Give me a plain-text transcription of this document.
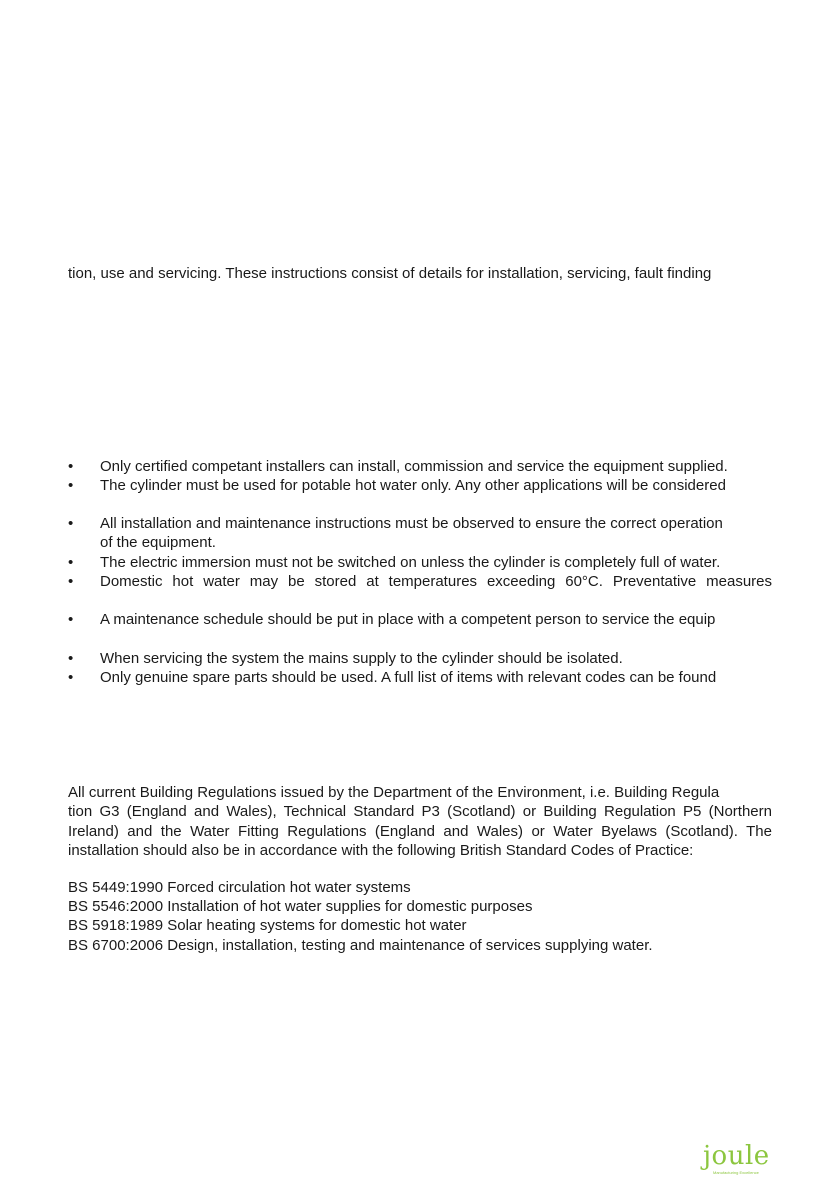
tion, use and servicing. These instructions consist of details for installation, servicing, fault finding
•	Only certified competant installers can install, commission and service the equipment supplied.
•	The cylinder must be used for potable hot water only. Any other applications will be considered
•	All installation and maintenance instructions must be observed to ensure the correct operation
of the equipment.
•	The electric immersion must not be switched on unless the cylinder is completely full of water.
•	Domestic hot water may be stored at temperatures exceeding 60°C. Preventative measures
•	A maintenance schedule should be put in place with a competent person to service the equip
•	When servicing the system the mains supply to the cylinder should be isolated.
•	Only genuine spare parts should be used. A full list of items with relevant codes can be found
All current Building Regulations issued by the Department of the Environment, i.e. Building Regula
tion G3 (England and Wales), Technical Standard P3 (Scotland) or Building Regulation P5 (Northern
Ireland) and the Water Fitting Regulations (England and Wales) or Water Byelaws (Scotland). The
installation should also be in accordance with the following British Standard Codes of Practice:
BS 5449:1990 Forced circulation hot water systems
BS 5546:2000 Installation of hot water supplies for domestic purposes
BS 5918:1989 Solar heating systems for domestic hot water
BS 6700:2006 Design, installation, testing and maintenance of services supplying water.
joule
Manufacturing Excellence
